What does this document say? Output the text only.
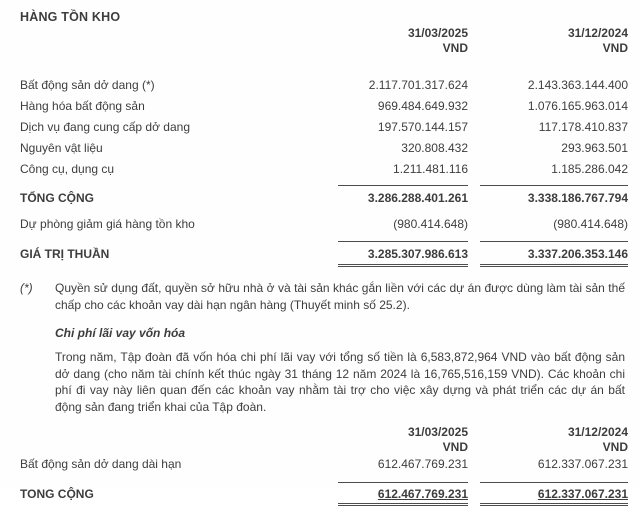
HÀNG TỒN KHO
31/03/2025
VND
31/12/2024
VND
Bất động sản dở dang (*)	2.117.701.317.624	2.143.363.144.400
Hàng hóa bất động sản	969.484.649.932	1.076.165.963.014
Dịch vụ đang cung cấp dở dang	197.570.144.157	117.178.410.837
Nguyên vật liệu	320.808.432	293.963.501
Công cụ, dụng cụ	1.211.481.116	1.185.286.042
TỔNG CỘNG	3.286.288.401.261	3.338.186.767.794
Dự phòng giảm giá hàng tồn kho	(980.414.648)	(980.414.648)
GIÁ TRỊ THUẦN	3.285.307.986.613	3.337.206.353.146
(*)	Quyền sử dụng đất, quyền sở hữu nhà ở và tài sản khác gắn liền với các dự án được dùng làm tài sản thế chấp cho các khoản vay dài hạn ngân hàng (Thuyết minh số 25.2).
Chi phí lãi vay vốn hóa
Trong năm, Tập đoàn đã vốn hóa chi phí lãi vay với tổng số tiền là 6,583,872,964 VND vào bất động sản dở dang (cho năm tài chính kết thúc ngày 31 tháng 12 năm 2024 là 16,765,516,159 VND). Các khoản chi phí đi vay này liên quan đến các khoản vay nhằm tài trợ cho việc xây dựng và phát triển các dự án bất động sản đang triển khai của Tập đoàn.
31/03/2025
VND
31/12/2024
VND
Bất động sản dở dang dài hạn	612.467.769.231	612.337.067.231
TONG CỘNG	612.467.769.231	612.337.067.231
